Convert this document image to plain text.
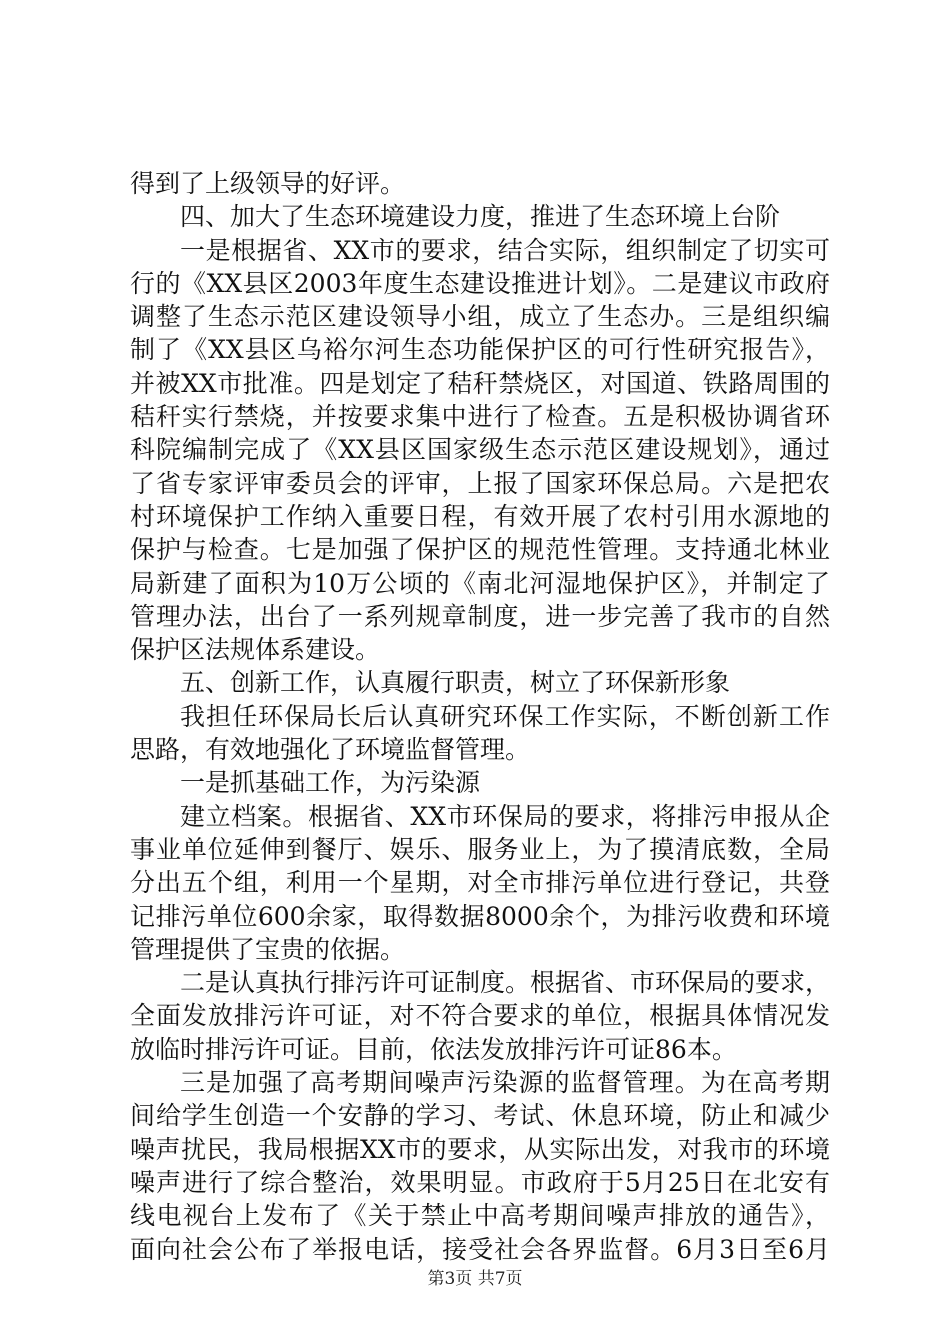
得到了上级领导的好评。
四、加大了生态环境建设力度，推进了生态环境上台阶
一是根据省、XX市的要求，结合实际，组织制定了切实可
行的《XX县区2003年度生态建设推进计划》。二是建议市政府
调整了生态示范区建设领导小组，成立了生态办。三是组织编
制了《XX县区乌裕尔河生态功能保护区的可行性研究报告》，
并被XX市批准。四是划定了秸秆禁烧区，对国道、铁路周围的
秸秆实行禁烧，并按要求集中进行了检查。五是积极协调省环
科院编制完成了《XX县区国家级生态示范区建设规划》，通过
了省专家评审委员会的评审，上报了国家环保总局。六是把农
村环境保护工作纳入重要日程，有效开展了农村引用水源地的
保护与检查。七是加强了保护区的规范性管理。支持通北林业
局新建了面积为10万公顷的《南北河湿地保护区》，并制定了
管理办法，出台了一系列规章制度，进一步完善了我市的自然
保护区法规体系建设。
五、创新工作，认真履行职责，树立了环保新形象
我担任环保局长后认真研究环保工作实际，不断创新工作
思路，有效地强化了环境监督管理。
一是抓基础工作，为污染源
建立档案。根据省、XX市环保局的要求，将排污申报从企
事业单位延伸到餐厅、娱乐、服务业上，为了摸清底数，全局
分出五个组，利用一个星期，对全市排污单位进行登记，共登
记排污单位600余家，取得数据8000余个，为排污收费和环境
管理提供了宝贵的依据。
二是认真执行排污许可证制度。根据省、市环保局的要求，
全面发放排污许可证，对不符合要求的单位，根据具体情况发
放临时排污许可证。目前，依法发放排污许可证86本。
三是加强了高考期间噪声污染源的监督管理。为在高考期
间给学生创造一个安静的学习、考试、休息环境，防止和减少
噪声扰民，我局根据XX市的要求，从实际出发，对我市的环境
噪声进行了综合整治，效果明显。市政府于5月25日在北安有
线电视台上发布了《关于禁止中高考期间噪声排放的通告》，
面向社会公布了举报电话，接受社会各界监督。6月3日至6月
第3页 共7页
